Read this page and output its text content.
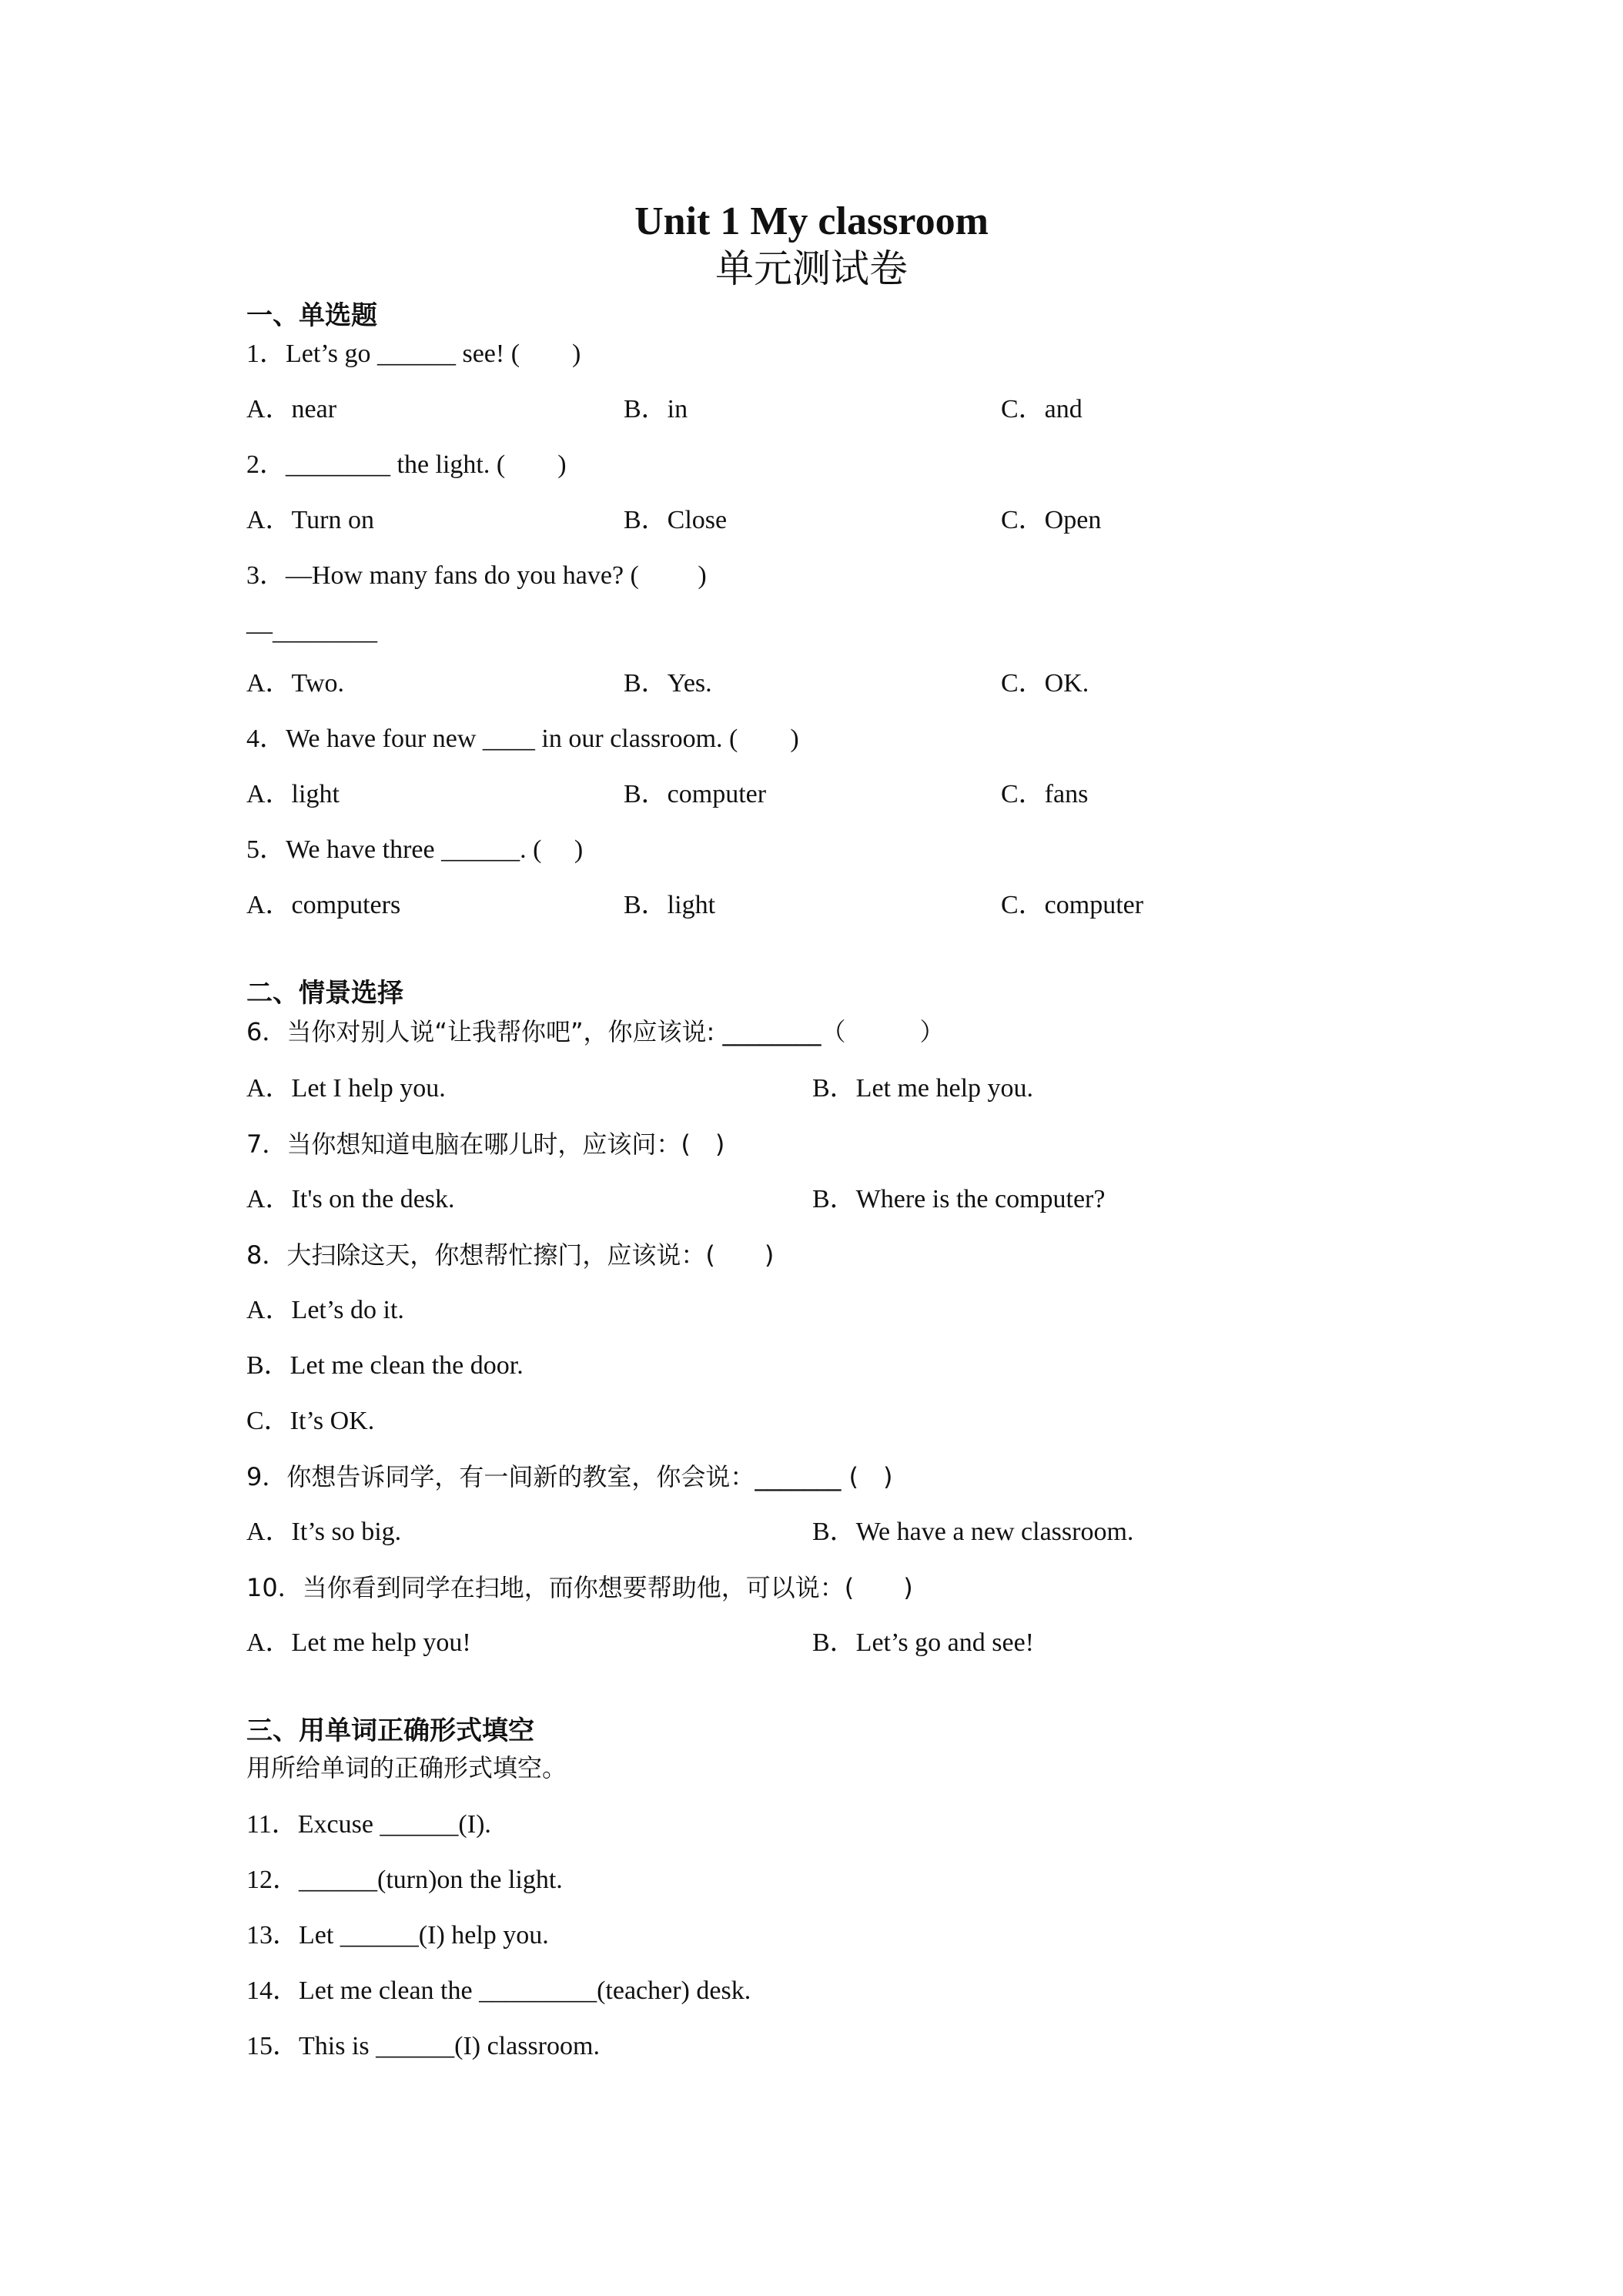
Unit 1 My classroom
单元测试卷
一、单选题
1．Let’s go ______ see! (　　)
A．near	B．in	C．and
2．________ the light. (　　)
A．Turn on	B．Close	C．Open
3．—How many fans do you have? (　　 )
—________
A．Two.	B．Yes.	C．OK.
4．We have four new ____ in our classroom. (　　)
A．light	B．computer	C．fans
5．We have three ______. (　 )
A．computers	B．light	C．computer
二、情景选择
6．当你对别人说“让我帮你吧”，你应该说: ________（　　　）
A．Let I help you.	B．Let me help you.
7．当你想知道电脑在哪儿时，应该问：(　)
A．It's on the desk.	B．Where is the computer?
8．大扫除这天，你想帮忙擦门，应该说：(　　)
A．Let’s do it.
B．Let me clean the door.
C．It’s OK.
9．你想告诉同学，有一间新的教室，你会说：_______ (　)
A．It’s so big.	B．We have a new classroom.
10．当你看到同学在扫地，而你想要帮助他，可以说：(　　)
A．Let me help you!	B．Let’s go and see!
三、用单词正确形式填空
用所给单词的正确形式填空。
11．Excuse ______(I).
12．______(turn)on the light.
13．Let ______(I) help you.
14．Let me clean the _________(teacher) desk.
15．This is ______(I) classroom.
